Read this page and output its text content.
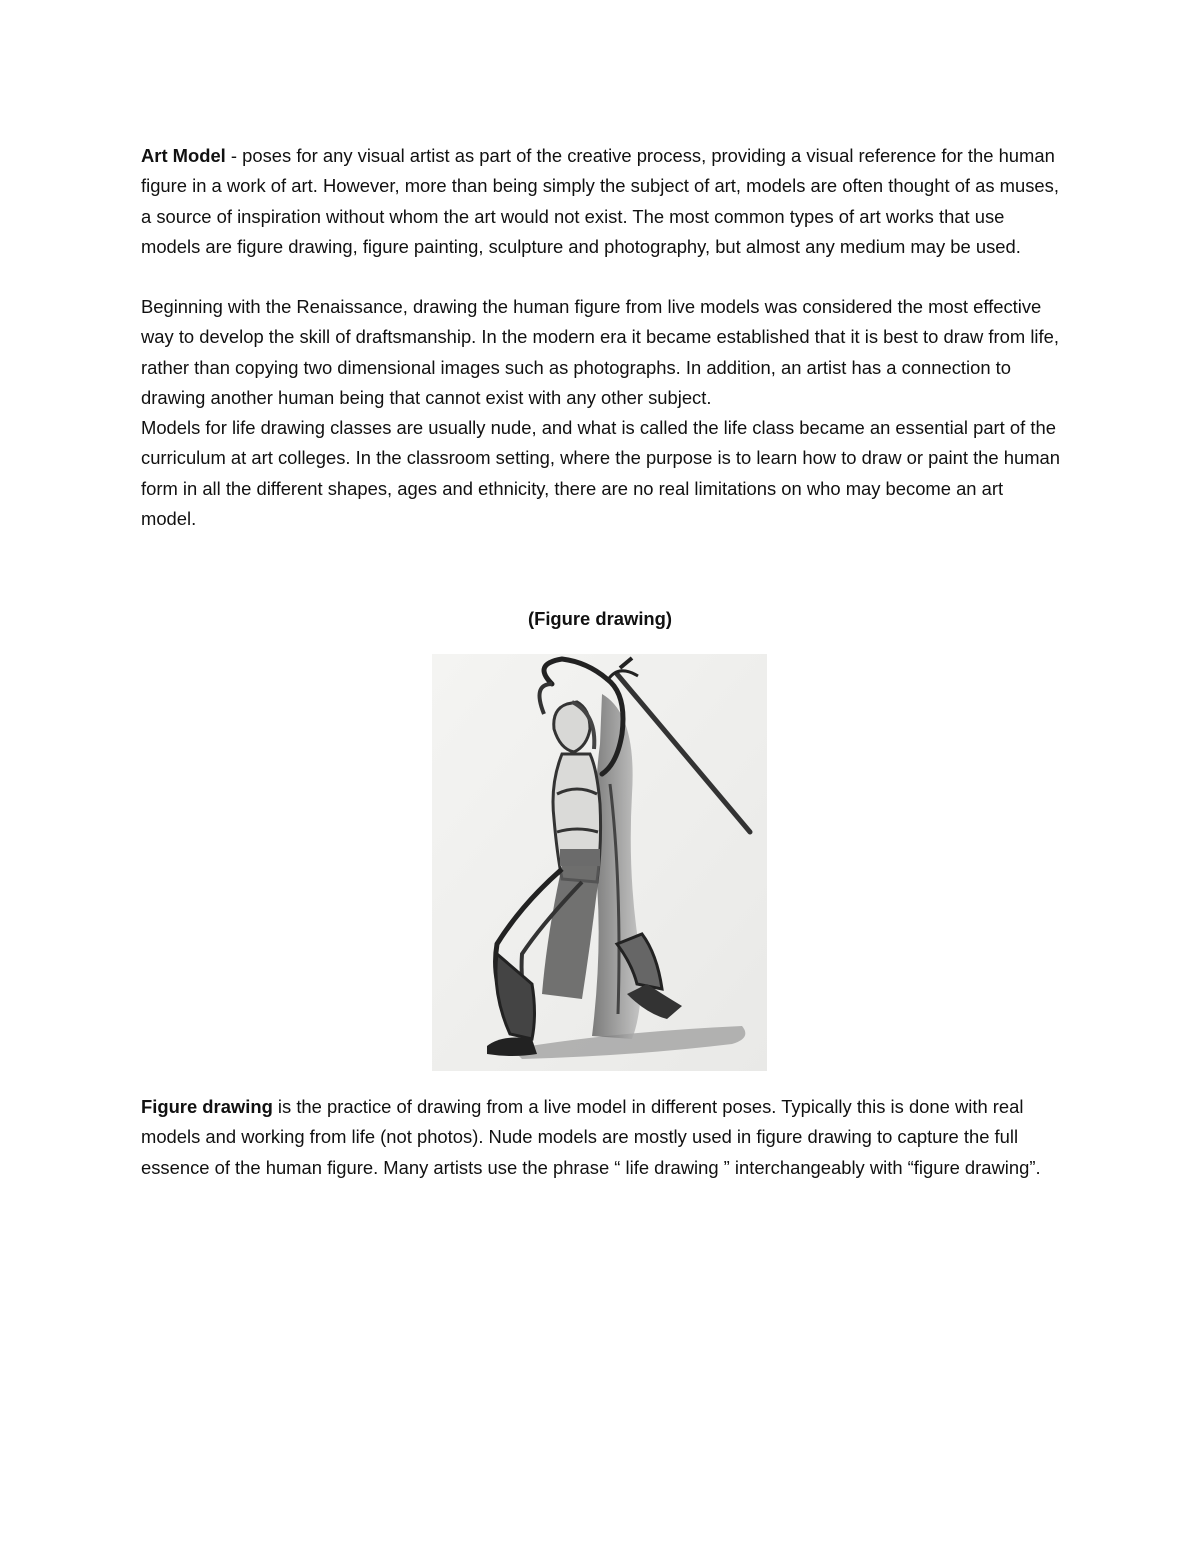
Art Model - poses for any visual artist as part of the creative process, providing a visual reference for the human figure in a work of art. However, more than being simply the subject of art, models are often thought of as muses, a source of inspiration without whom the art would not exist. The most common types of art works that use models are figure drawing, figure painting, sculpture and photography, but almost any medium may be used.

Beginning with the Renaissance, drawing the human figure from live models was considered the most effective way to develop the skill of draftsmanship. In the modern era it became established that it is best to draw from life, rather than copying two dimensional images such as photographs. In addition, an artist has a connection to drawing another human being that cannot exist with any other subject.

Models for life drawing classes are usually nude, and what is called the life class became an essential part of the curriculum at art colleges. In the classroom setting, where the purpose is to learn how to draw or paint the human form in all the different shapes, ages and ethnicity, there are no real limitations on who may become an art model.

(Figure drawing)

Figure drawing is the practice of drawing from a live model in different poses. Typically this is done with real models and working from life (not photos). Nude models are mostly used in figure drawing to capture the full essence of the human figure. Many artists use the phrase “ life drawing ” interchangeably with “figure drawing”.
